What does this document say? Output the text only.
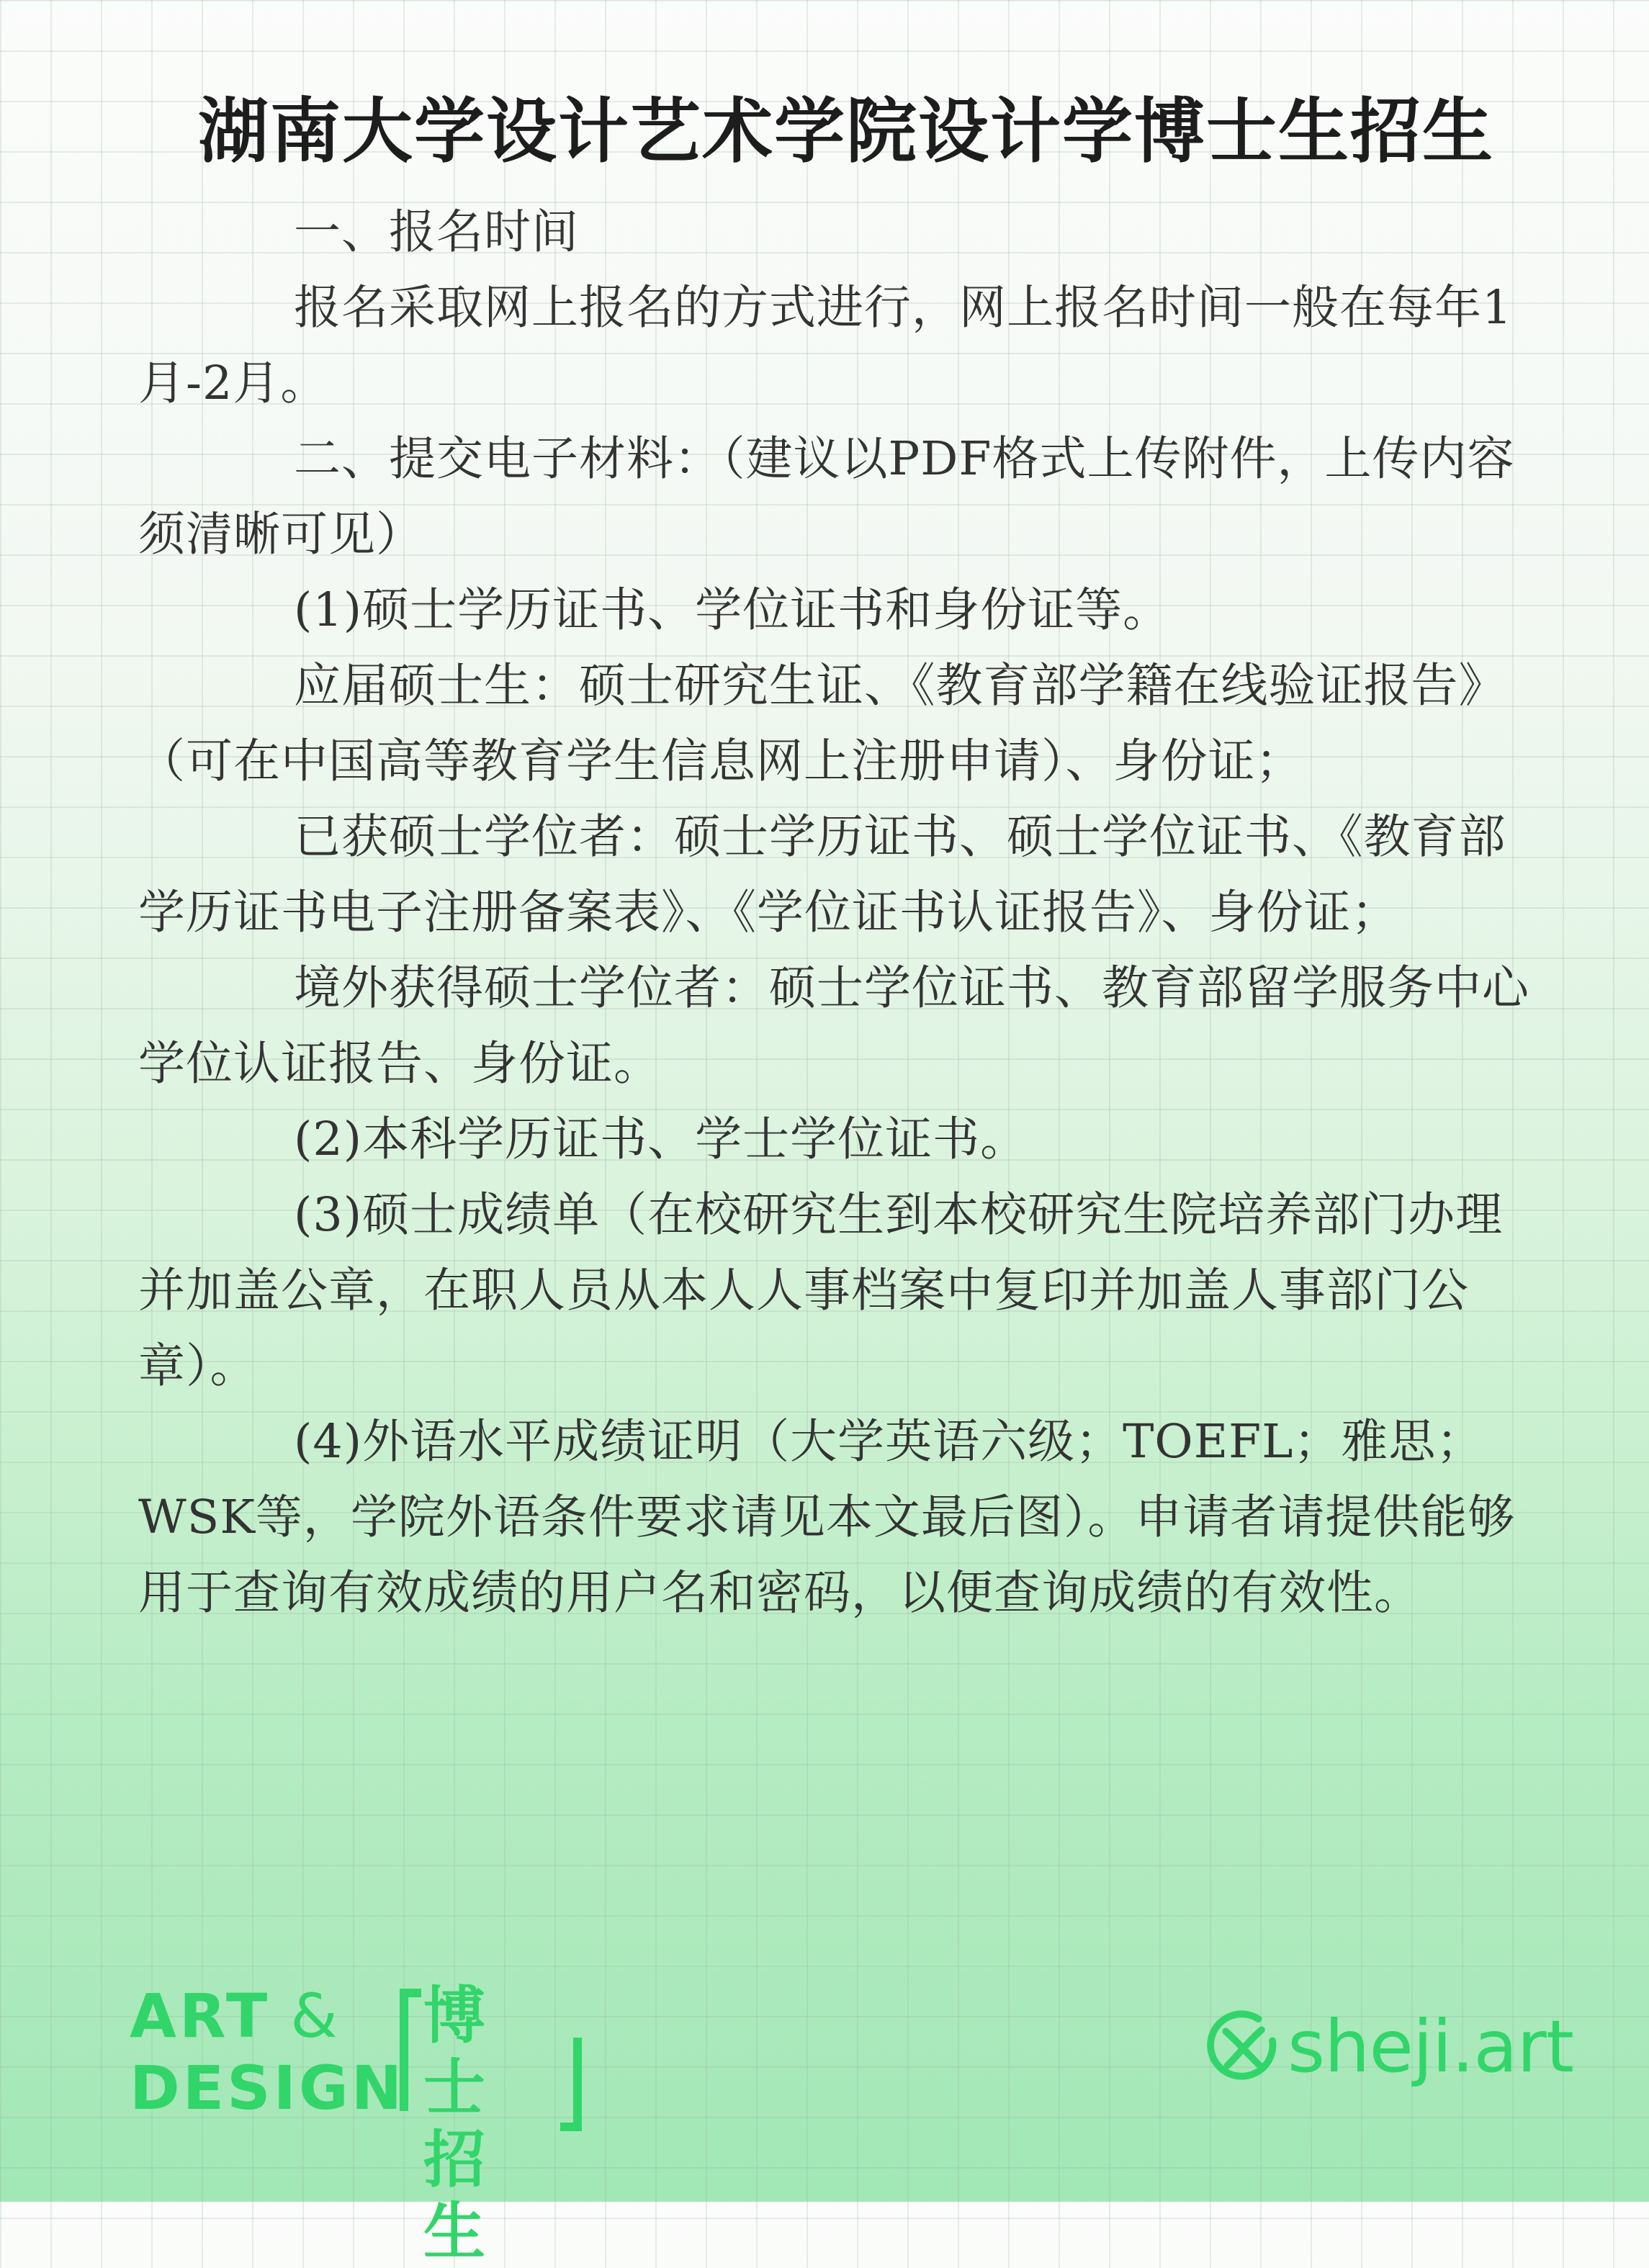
湖南大学设计艺术学院设计学博士生招生

一、报名时间

报名采取网上报名的方式进行，网上报名时间一般在每年1月-2月。

二、提交电子材料：（建议以PDF格式上传附件，上传内容须清晰可见）

(1)硕士学历证书、学位证书和身份证等。

应届硕士生：硕士研究生证、《教育部学籍在线验证报告》（可在中国高等教育学生信息网上注册申请）、身份证；

已获硕士学位者：硕士学历证书、硕士学位证书、《教育部学历证书电子注册备案表》、《学位证书认证报告》、身份证；

境外获得硕士学位者：硕士学位证书、教育部留学服务中心学位认证报告、身份证。

(2)本科学历证书、学士学位证书。

(3)硕士成绩单（在校研究生到本校研究生院培养部门办理并加盖公章，在职人员从本人人事档案中复印并加盖人事部门公章）。

(4)外语水平成绩证明（大学英语六级；TOEFL；雅思；WSK等，学院外语条件要求请见本文最后图）。申请者请提供能够用于查询有效成绩的用户名和密码，以便查询成绩的有效性。

ART &
DESIGN
博士
招生
sheji.art
